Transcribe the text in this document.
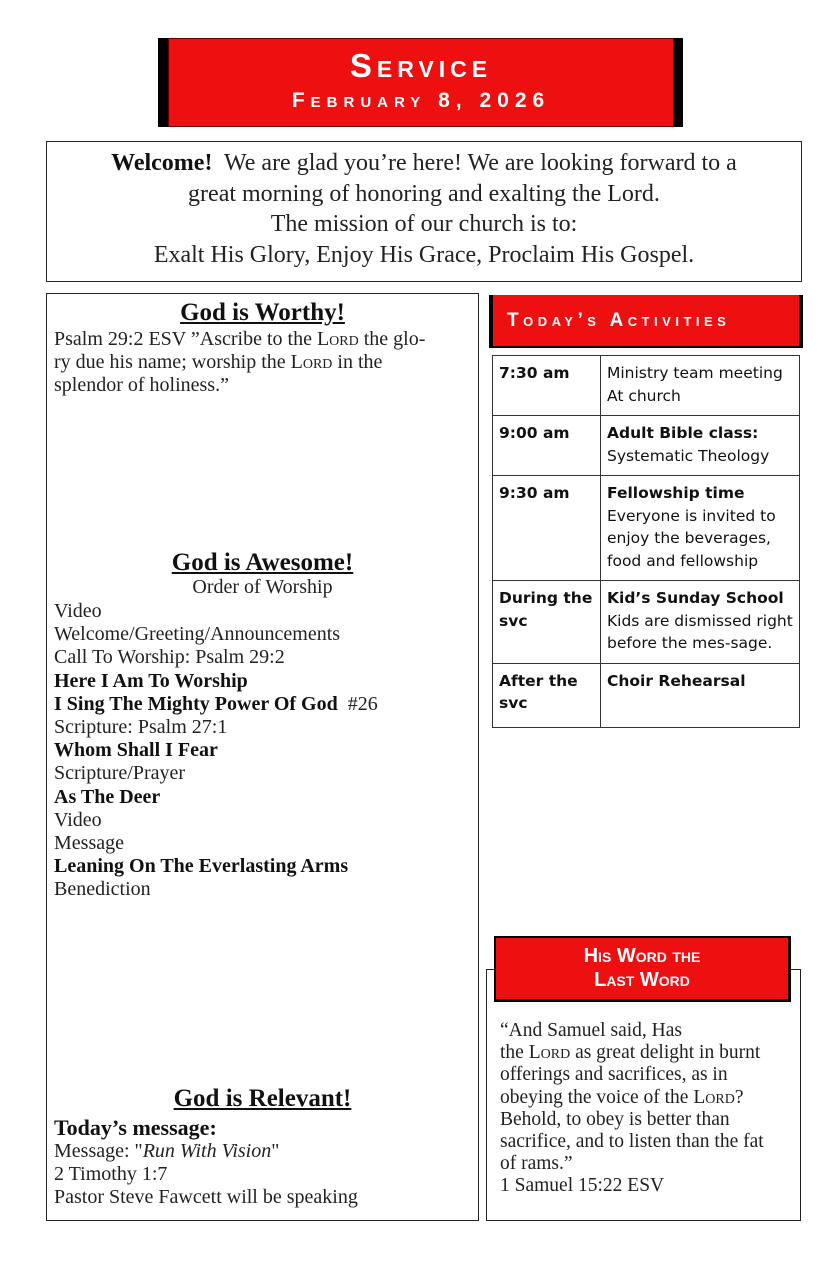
Service
February 8, 2026
Welcome! We are glad you’re here! We are looking forward to a
great morning of honoring and exalting the Lord.
The mission of our church is to:
Exalt His Glory, Enjoy His Grace, Proclaim His Gospel.
God is Worthy!
Psalm 29:2 ESV ”Ascribe to the Lord the glo-
ry due his name; worship the Lord in the
splendor of holiness.”
God is Awesome!
Order of Worship
Video
Welcome/Greeting/Announcements
Call To Worship: Psalm 29:2
Here I Am To Worship
I Sing The Mighty Power Of God  #26
Scripture: Psalm 27:1
Whom Shall I Fear
Scripture/Prayer
As The Deer
Video
Message
Leaning On The Everlasting Arms
Benediction
God is Relevant!
Today’s message:
Message: "Run With Vision"
2 Timothy 1:7
Pastor Steve Fawcett will be speaking
Today’s Activities
7:30 am	Ministry team meeting At church

9:00 am	Adult Bible class:
Systematic Theology

9:30 am	Fellowship time
Everyone is invited to enjoy the beverages, food and fellowship

During the svc	Kid’s Sunday School
Kids are dismissed right before the mes-sage.

After the svc	Choir Rehearsal
His Word the
Last Word
“And Samuel said, Has
the Lord as great delight in burnt
offerings and sacrifices, as in
obeying the voice of the Lord?
Behold, to obey is better than
sacrifice, and to listen than the fat
of rams.”
1 Samuel 15:22 ESV
